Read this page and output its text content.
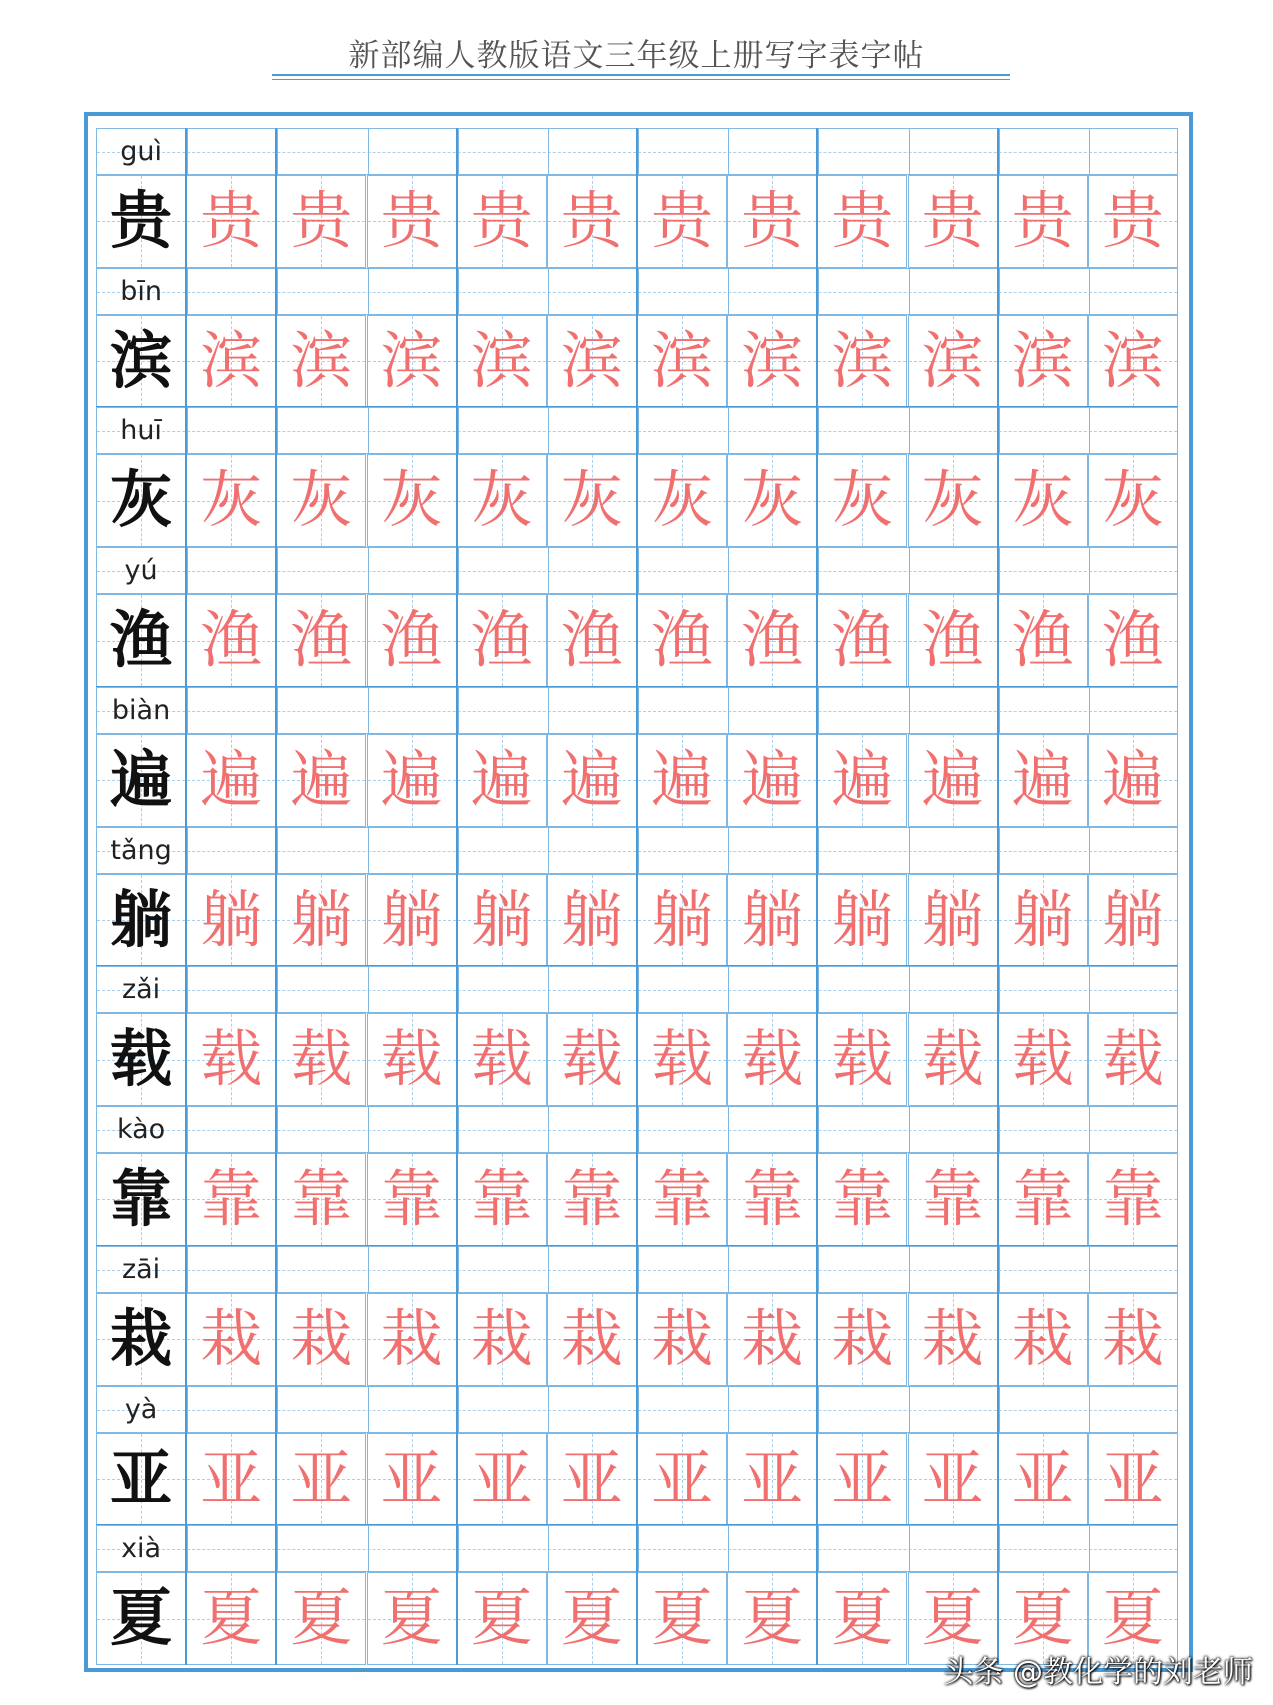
新部编人教版语文三年级上册写字表字帖
guì
贵 贵 贵 贵 贵 贵 贵 贵 贵 贵 贵 贵
bīn
滨 滨 滨 滨 滨 滨 滨 滨 滨 滨 滨 滨
huī
灰 灰 灰 灰 灰 灰 灰 灰 灰 灰 灰 灰
yú
渔 渔 渔 渔 渔 渔 渔 渔 渔 渔 渔 渔
biàn
遍 遍 遍 遍 遍 遍 遍 遍 遍 遍 遍 遍
tǎng
躺 躺 躺 躺 躺 躺 躺 躺 躺 躺 躺 躺
zǎi
载 载 载 载 载 载 载 载 载 载 载 载
kào
靠 靠 靠 靠 靠 靠 靠 靠 靠 靠 靠 靠
zāi
栽 栽 栽 栽 栽 栽 栽 栽 栽 栽 栽 栽
yà
亚 亚 亚 亚 亚 亚 亚 亚 亚 亚 亚 亚
xià
夏 夏 夏 夏 夏 夏 夏 夏 夏 夏 夏 夏
头条 @教化学的刘老师
